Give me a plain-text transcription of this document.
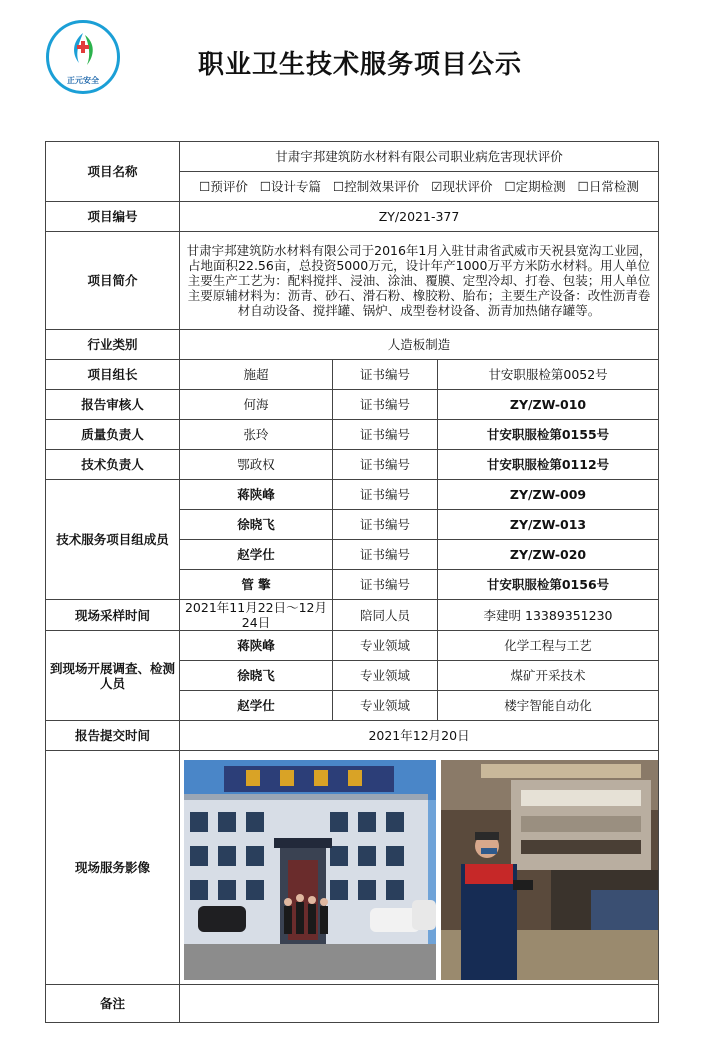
正元安全
职业卫生技术服务项目公示
项目名称	甘肃宇邦建筑防水材料有限公司职业病危害现状评价		
	☐预评价 ☐设计专篇 ☐控制效果评价 ☑现状评价 ☐定期检测 ☐日常检测		
项目编号	ZY/2021-377		
项目简介	甘肃宇邦建筑防水材料有限公司于2016年1月入驻甘肃省武威市天祝县宽沟工业园，占地面积22.56亩，总投资5000万元，设计年产1000万平方米防水材料。用人单位主要生产工艺为：配料搅拌、浸油、涂油、覆膜、定型冷却、打卷、包装；用人单位主要原辅材料为：沥青、砂石、滑石粉、橡胶粉、胎布；主要生产设备：改性沥青卷材自动设备、搅拌罐、锅炉、成型卷材设备、沥青加热储存罐等。		
行业类别	人造板制造		
项目组长	施超	证书编号	甘安职服检第0052号
报告审核人	何海	证书编号	ZY/ZW-010
质量负责人	张玲	证书编号	甘安职服检第0155号
技术负责人	鄂政权	证书编号	甘安职服检第0112号
技术服务项目组成员	蒋陕峰	证书编号	ZY/ZW-009
	徐晓飞	证书编号	ZY/ZW-013
	赵学仕	证书编号	ZY/ZW-020
	管 擎	证书编号	甘安职服检第0156号
现场采样时间	2021年11月22日～12月24日	陪同人员	李建明 13389351230
到现场开展调查、检测人员	蒋陕峰	专业领域	化学工程与工艺
	徐晓飞	专业领域	煤矿开采技术
	赵学仕	专业领域	楼宇智能自动化
报告提交时间	2021年12月20日		
现场服务影像	

备注			
